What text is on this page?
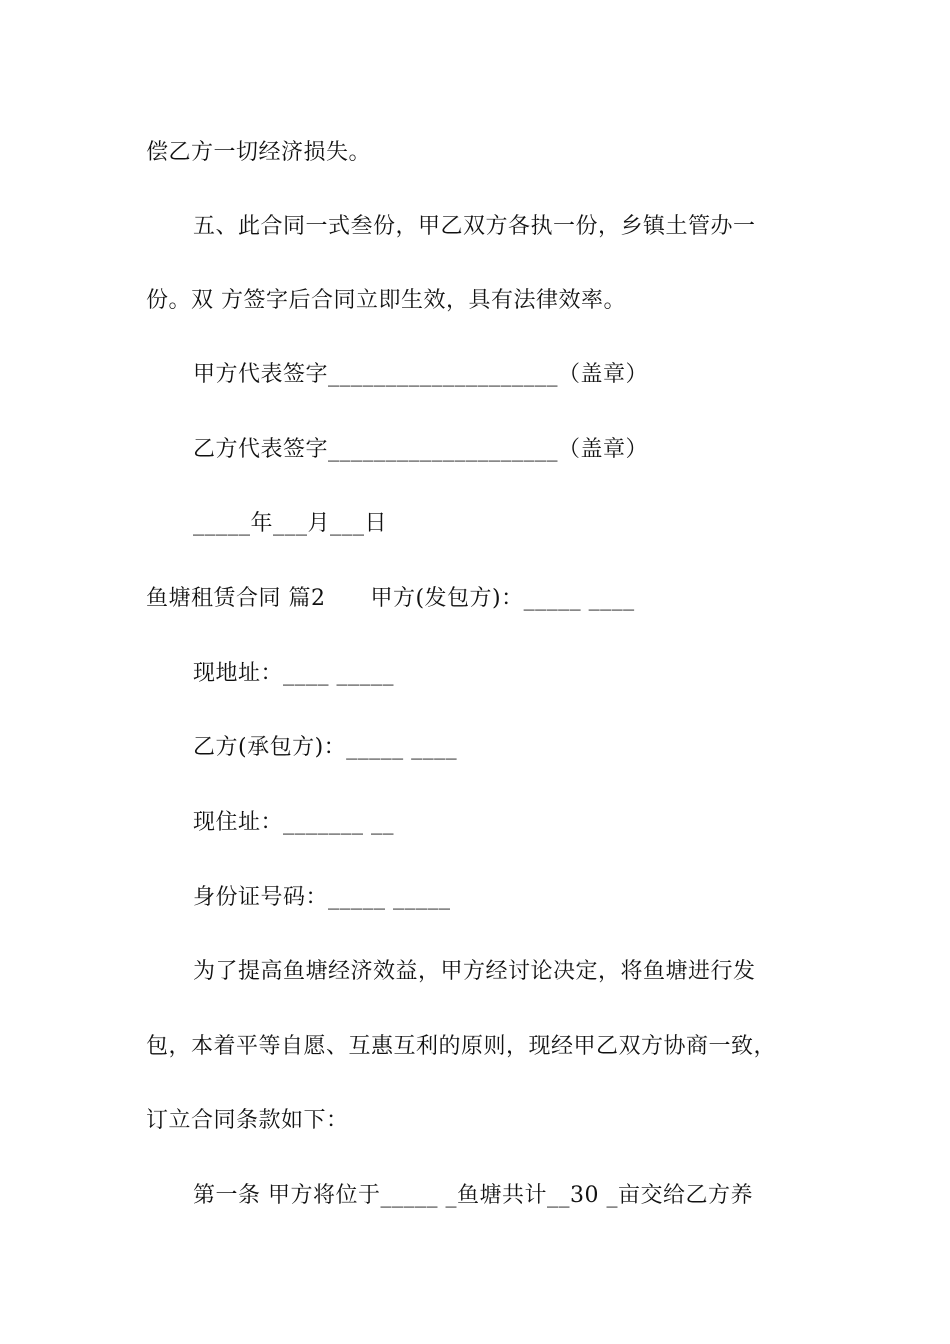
偿乙方一切经济损失。

五、此合同一式叁份，甲乙双方各执一份，乡镇土管办一

份。双 方签字后合同立即生效，具有法律效率。

甲方代表签字____________________（盖章）

乙方代表签字____________________（盖章）

_____年___月___日

鱼塘租赁合同 篇2      甲方(发包方)：_____ ____

现地址：____ _____

乙方(承包方)：_____ ____

现住址：_______ __

身份证号码：_____ _____

为了提高鱼塘经济效益，甲方经讨论决定，将鱼塘进行发

包，本着平等自愿、互惠互利的原则，现经甲乙双方协商一致，

订立合同条款如下：

第一条 甲方将位于_____ _鱼塘共计__30 _亩交给乙方养
